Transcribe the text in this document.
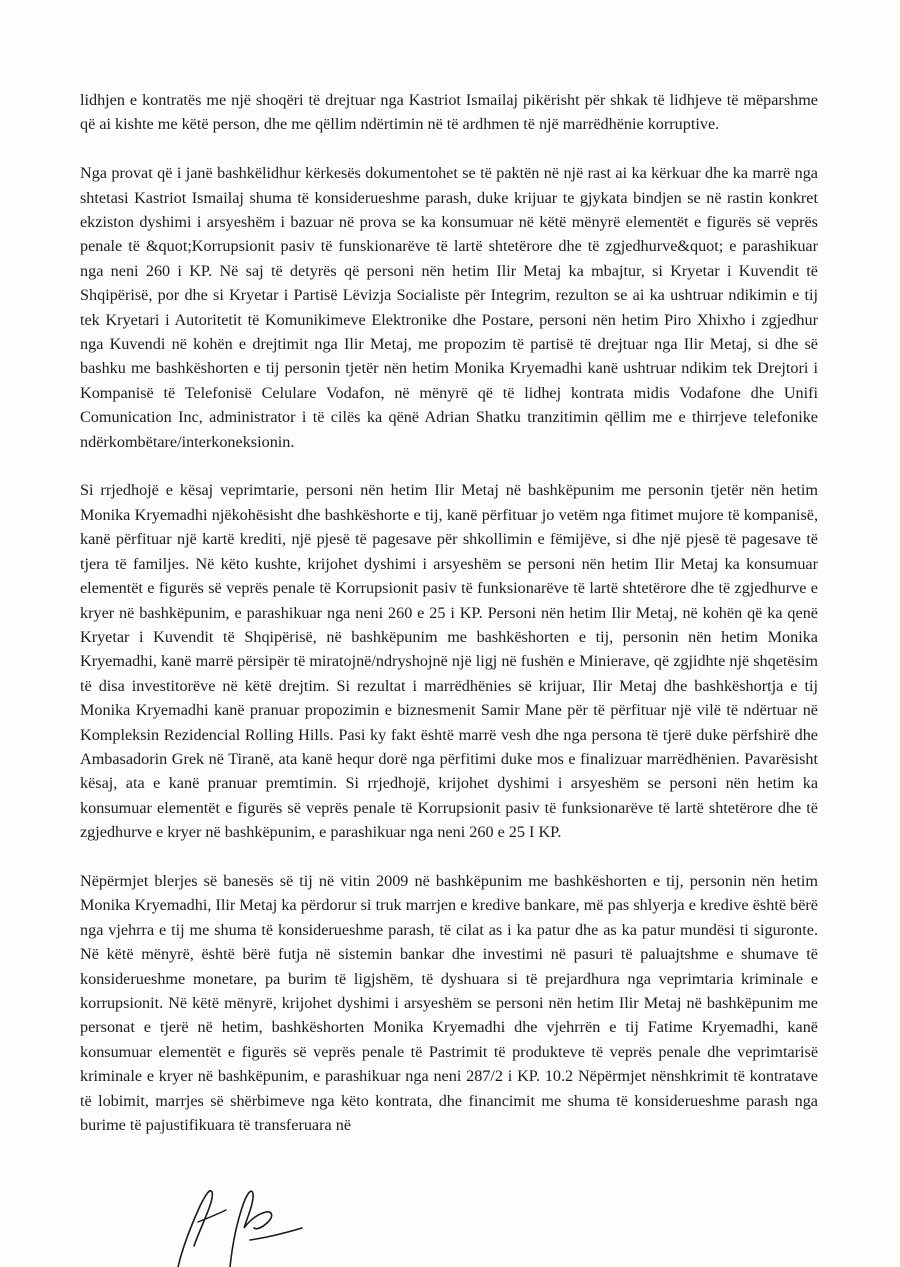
lidhjen e kontratës me një shoqëri të drejtuar nga Kastriot Ismailaj pikërisht për shkak të lidhjeve të mëparshme që ai kishte me këtë person, dhe me qëllim ndërtimin në të ardhmen të një marrëdhënie korruptive.

Nga provat që i janë bashkëlidhur kërkesës dokumentohet se të paktën në një rast ai ka kërkuar dhe ka marrë nga shtetasi Kastriot Ismailaj shuma të konsiderueshme parash, duke krijuar te gjykata bindjen se në rastin konkret ekziston dyshimi i arsyeshëm i bazuar në prova se ka konsumuar në këtë mënyrë elementët e figurës së veprës penale të &quot;Korrupsionit pasiv të funskionarëve të lartë shtetërore dhe të zgjedhurve&quot; e parashikuar nga neni 260 i KP. Në saj të detyrës që personi nën hetim Ilir Metaj ka mbajtur, si Kryetar i Kuvendit të Shqipërisë, por dhe si Kryetar i Partisë Lëvizja Socialiste për Integrim, rezulton se ai ka ushtruar ndikimin e tij tek Kryetari i Autoritetit të Komunikimeve Elektronike dhe Postare, personi nën hetim Piro Xhixho i zgjedhur nga Kuvendi në kohën e drejtimit nga Ilir Metaj, me propozim të partisë të drejtuar nga Ilir Metaj, si dhe së bashku me bashkëshorten e tij personin tjetër nën hetim Monika Kryemadhi kanë ushtruar ndikim tek Drejtori i Kompanisë të Telefonisë Celulare Vodafon, në mënyrë që të lidhej kontrata midis Vodafone dhe Unifi Comunication Inc, administrator i të cilës ka qënë Adrian Shatku tranzitimin qëllim me e thirrjeve telefonike ndërkombëtare/interkoneksionin.

Si rrjedhojë e kësaj veprimtarie, personi nën hetim Ilir Metaj në bashkëpunim me personin tjetër nën hetim Monika Kryemadhi njëkohësisht dhe bashkëshorte e tij, kanë përfituar jo vetëm nga fitimet mujore të kompanisë, kanë përfituar një kartë krediti, një pjesë të pagesave për shkollimin e fëmijëve, si dhe një pjesë të pagesave të tjera të familjes. Në këto kushte, krijohet dyshimi i arsyeshëm se personi nën hetim Ilir Metaj ka konsumuar elementët e figurës së veprës penale të Korrupsionit pasiv të funksionarëve të lartë shtetërore dhe të zgjedhurve e kryer në bashkëpunim, e parashikuar nga neni 260 e 25 i KP. Personi nën hetim Ilir Metaj, në kohën që ka qenë Kryetar i Kuvendit të Shqipërisë, në bashkëpunim me bashkëshorten e tij, personin nën hetim Monika Kryemadhi, kanë marrë përsipër të miratojnë/ndryshojnë një ligj në fushën e Minierave, që zgjidhte një shqetësim të disa investitorëve në këtë drejtim. Si rezultat i marrëdhënies së krijuar, Ilir Metaj dhe bashkëshortja e tij Monika Kryemadhi kanë pranuar propozimin e biznesmenit Samir Mane për të përfituar një vilë të ndërtuar në Kompleksin Rezidencial Rolling Hills. Pasi ky fakt është marrë vesh dhe nga persona të tjerë duke përfshirë dhe Ambasadorin Grek në Tiranë, ata kanë hequr dorë nga përfitimi duke mos e finalizuar marrëdhënien. Pavarësisht kësaj, ata e kanë pranuar premtimin. Si rrjedhojë, krijohet dyshimi i arsyeshëm se personi nën hetim ka konsumuar elementët e figurës së veprës penale të Korrupsionit pasiv të funksionarëve të lartë shtetërore dhe të zgjedhurve e kryer në bashkëpunim, e parashikuar nga neni 260 e 25 I KP.

Nëpërmjet blerjes së banesës së tij në vitin 2009 në bashkëpunim me bashkëshorten e tij, personin nën hetim Monika Kryemadhi, Ilir Metaj ka përdorur si truk marrjen e kredive bankare, më pas shlyerja e kredive është bërë nga vjehrra e tij me shuma të konsiderueshme parash, të cilat as i ka patur dhe as ka patur mundësi ti siguronte. Në këtë mënyrë, është bërë futja në sistemin bankar dhe investimi në pasuri të paluajtshme e shumave të konsiderueshme monetare, pa burim të ligjshëm, të dyshuara si të prejardhura nga veprimtaria kriminale e korrupsionit. Në këtë mënyrë, krijohet dyshimi i arsyeshëm se personi nën hetim Ilir Metaj në bashkëpunim me personat e tjerë në hetim, bashkëshorten Monika Kryemadhi dhe vjehrrën e tij Fatime Kryemadhi, kanë konsumuar elementët e figurës së veprës penale të Pastrimit të produkteve të veprës penale dhe veprimtarisë kriminale e kryer në bashkëpunim, e parashikuar nga neni 287/2 i KP. 10.2 Nëpërmjet nënshkrimit të kontratave të lobimit, marrjes së shërbimeve nga këto kontrata, dhe financimit me shuma të konsiderueshme parash nga burime të pajustifikuara të transferuara në
